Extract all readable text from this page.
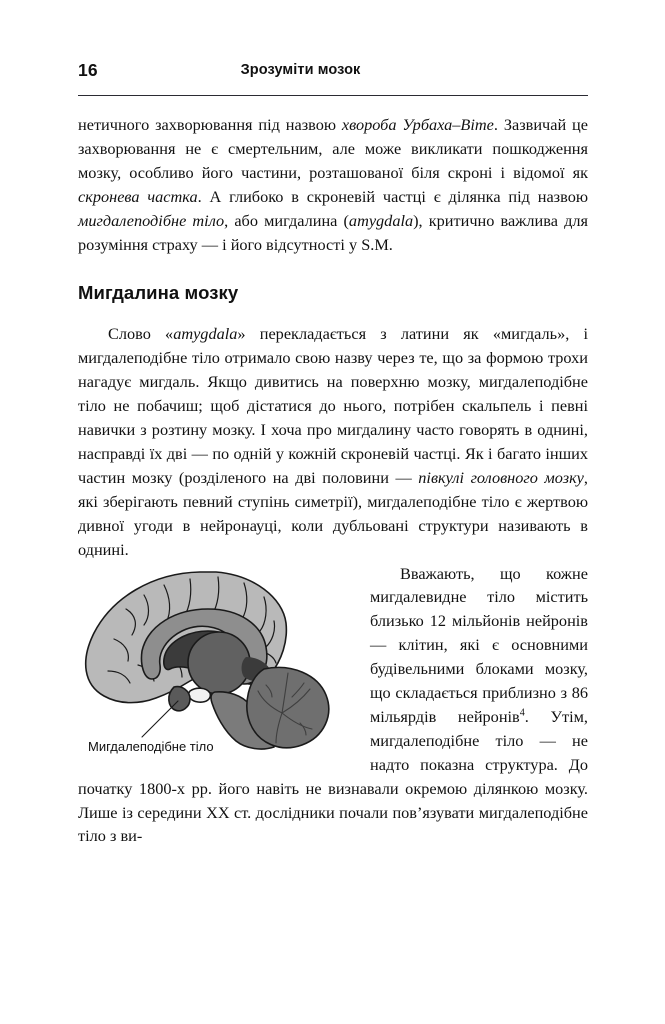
16	Зрозуміти мозок

нетичного захворювання під назвою хвороба Урбаха–Віте. Зазвичай це захворювання не є смертельним, але може викликати пошкодження мозку, особливо його частини, розташованої біля скроні і відомої як скронева частка. А глибоко в скроневій частці є ділянка під назвою мигдалеподібне тіло, або мигдалина (amygdala), критично важлива для розуміння страху — і його відсутності у S.M.

Мигдалина мозку

Слово «amygdala» перекладається з латини як «мигдаль», і мигдалеподібне тіло отримало свою назву через те, що за формою трохи нагадує мигдаль. Якщо дивитись на поверхню мозку, мигдалеподібне тіло не побачиш; щоб дістатися до нього, потрібен скальпель і певні навички з розтину мозку. І хоча про мигдалину часто говорять в однині, насправді їх дві — по одній у кожній скроневій частці. Як і багато інших частин мозку (розділеного на дві половини — півкулі головного мозку, які зберігають певний ступінь симетрії), мигдалеподібне тіло є жертвою дивної угоди в нейронауці, коли дубльовані структури називають в однині.

Мигдалеподібне тіло
Вважають, що кожне мигдалевидне тіло містить близько 12 мільйонів нейронів — клітин, які є основними будівельними блоками мозку, що складається приблизно з 86 мільярдів нейронів$^4$. Утім, мигдалеподібне тіло — не надто показна структура. До початку 1800-х рр. його навіть не визнавали окремою ділянкою мозку. Лише із середини XX ст. дослідники почали пов’язувати мигдалеподібне тіло з ви-
